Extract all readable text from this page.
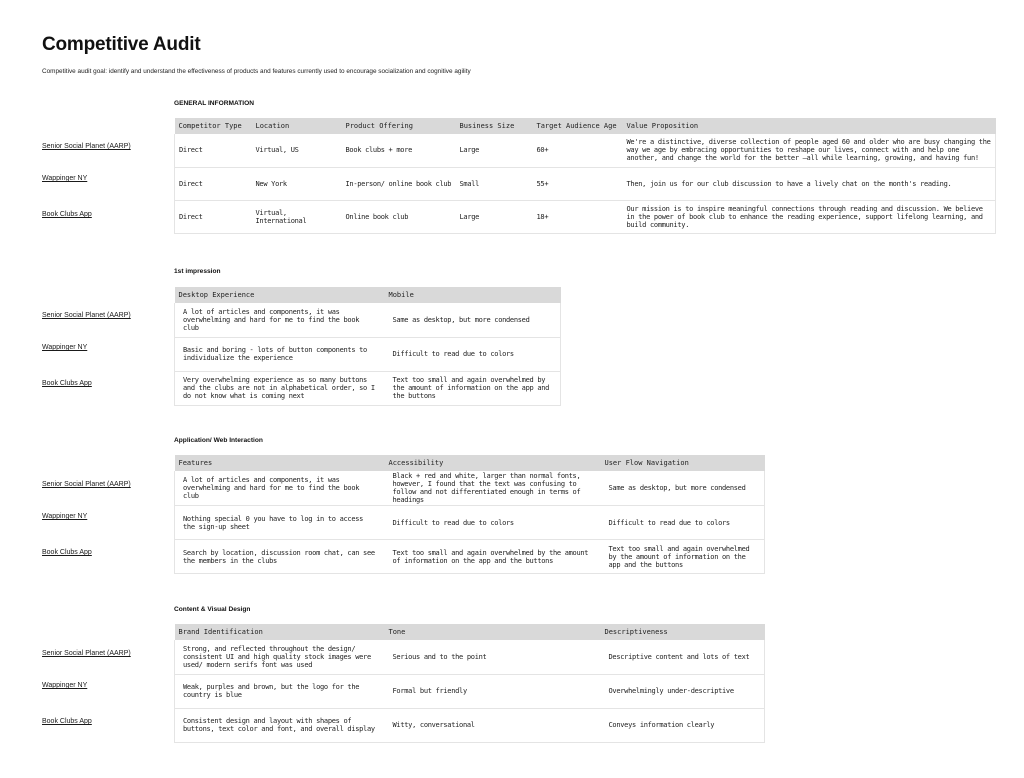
Competitive Audit
Competitive audit goal: identify and understand the effectiveness of products and features currently used to encourage socialization and cognitive agility
GENERAL INFORMATION
Senior Social Planet (AARP)
Wappinger NY
Book Clubs App
Competitor Type	Location	Product Offering	Business Size	Target Audience Age	Value Proposition
Direct	Virtual, US	Book clubs + more	Large	60+	We're a distinctive, diverse collection of people aged 60 and older who are busy changing the way we age by embracing opportunities to reshape our lives, connect with and help one another, and change the world for the better –all while learning, growing, and having fun!
Direct	New York	In-person/ online book club	Small	55+	Then, join us for our club discussion to have a lively chat on the month's reading.
Direct	Virtual, International	Online book club	Large	18+	Our mission is to inspire meaningful connections through reading and discussion. We believe in the power of book club to enhance the reading experience, support lifelong learning, and build community.
1st impression
Senior Social Planet (AARP)
Wappinger NY
Book Clubs App
Desktop Experience	Mobile
A lot of articles and components, it was overwhelming and hard for me to find the book club	Same as desktop, but more condensed
Basic and boring - lots of button components to individualize the experience	Difficult to read due to colors
Very overwhelming experience as so many buttons and the clubs are not in alphabetical order, so I do not know what is coming next	Text too small and again overwhelmed by the amount of information on the app and the buttons
Application/ Web Interaction
Senior Social Planet (AARP)
Wappinger NY
Book Clubs App
Features	Accessibility	User Flow Navigation
A lot of articles and components, it was overwhelming and hard for me to find the book club	Black + red and white, larger than normal fonts, however, I found that the text was confusing to follow and not differentiated enough in terms of headings	Same as desktop, but more condensed
Nothing special 0 you have to log in to access the sign-up sheet	Difficult to read due to colors	Difficult to read due to colors
Search by location, discussion room chat, can see the members in the clubs	Text too small and again overwhelmed by the amount of information on the app and the buttons	Text too small and again overwhelmed by the amount of information on the app and the buttons
Content & Visual Design
Senior Social Planet (AARP)
Wappinger NY
Book Clubs App
Brand Identification	Tone	Descriptiveness
Strong, and reflected throughout the design/ consistent UI and high quality stock images were used/ modern serifs font was used	Serious and to the point	Descriptive content and lots of text
Weak, purples and brown, but the logo for the country is blue	Formal but friendly	Overwhelmingly under-descriptive
Consistent design and layout with shapes of buttons, text color and font, and overall display	Witty, conversational	Conveys information clearly
